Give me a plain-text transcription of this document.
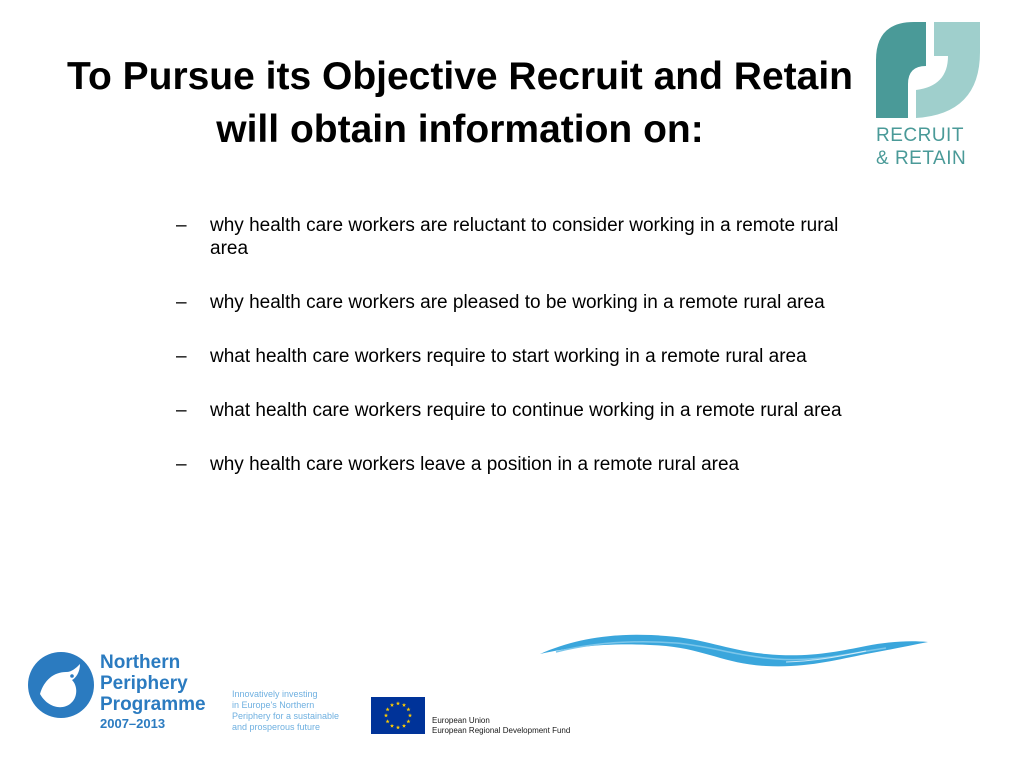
To Pursue its Objective Recruit and Retain will obtain information on:	RECRUIT
& RETAIN
– why health care workers are reluctant to consider working in a remote rural area
– why health care workers are pleased to be working in a remote rural area
– what health care workers require to start working in a remote rural area
– what health care workers require to continue working in a remote rural area
– why health care workers leave a position in a remote rural area
Northern
Periphery
Programme
2007–2013
Innovatively investing
in Europe's Northern
Periphery for a sustainable
and prosperous future
European Union
European Regional Development Fund
